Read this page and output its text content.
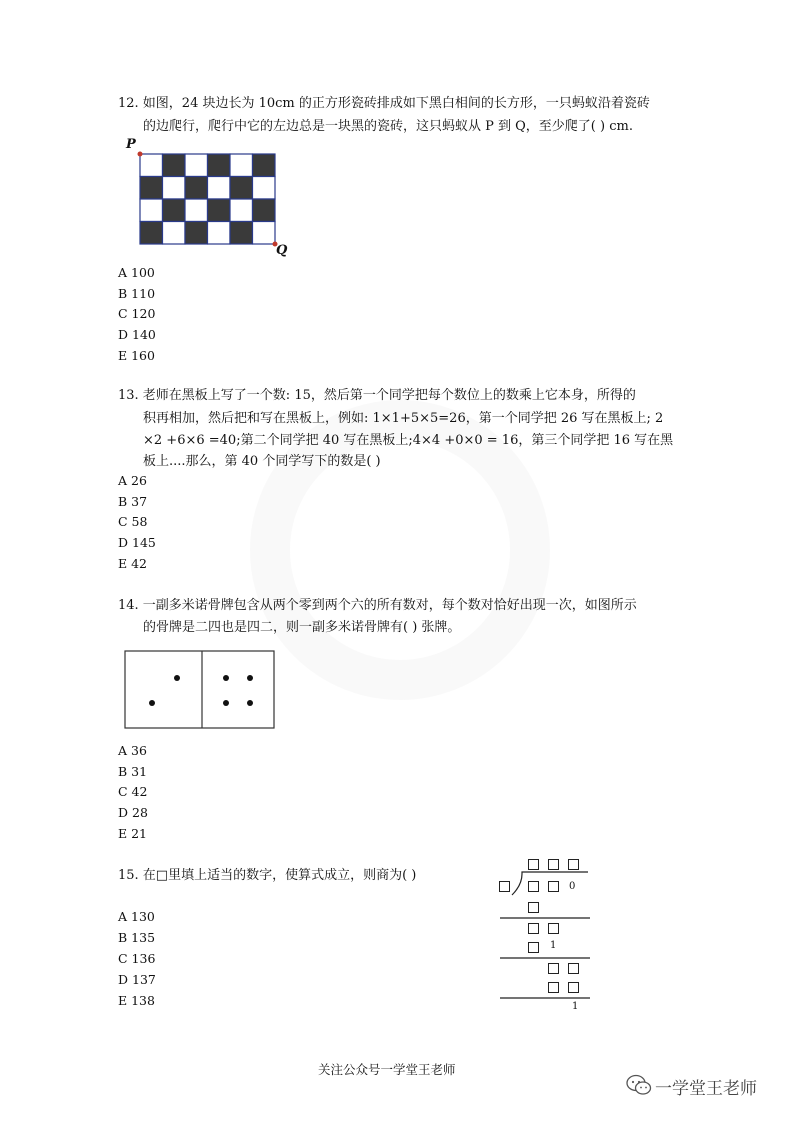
12. 如图，24 块边长为 10cm 的正方形瓷砖排成如下黑白相间的长方形，一只蚂蚁沿着瓷砖
的边爬行，爬行中它的左边总是一块黑的瓷砖，这只蚂蚁从 P 到 Q，至少爬了( ) cm.
P
Q
A 100
B 110
C 120
D 140
E 160
13. 老师在黑板上写了一个数: 15，然后第一个同学把每个数位上的数乘上它本身，所得的
积再相加，然后把和写在黑板上，例如: 1×1+5×5=26，第一个同学把 26 写在黑板上; 2
×2 +6×6 =40;第二个同学把 40 写在黑板上;4×4 +0×0 = 16，第三个同学把 16 写在黑
板上....那么，第 40 个同学写下的数是( )
A 26
B 37
C 58
D 145
E 42
14. 一副多米诺骨牌包含从两个零到两个六的所有数对，每个数对恰好出现一次，如图所示
的骨牌是二四也是四二，则一副多米诺骨牌有( ) 张牌。
A 36
B 31
C 42
D 28
E 21
15. 在□里填上适当的数字，使算式成立，则商为( )
A 130
B 135
C 136
D 137
E 138
0
1
1
关注公众号一学堂王老师
一学堂王老师
